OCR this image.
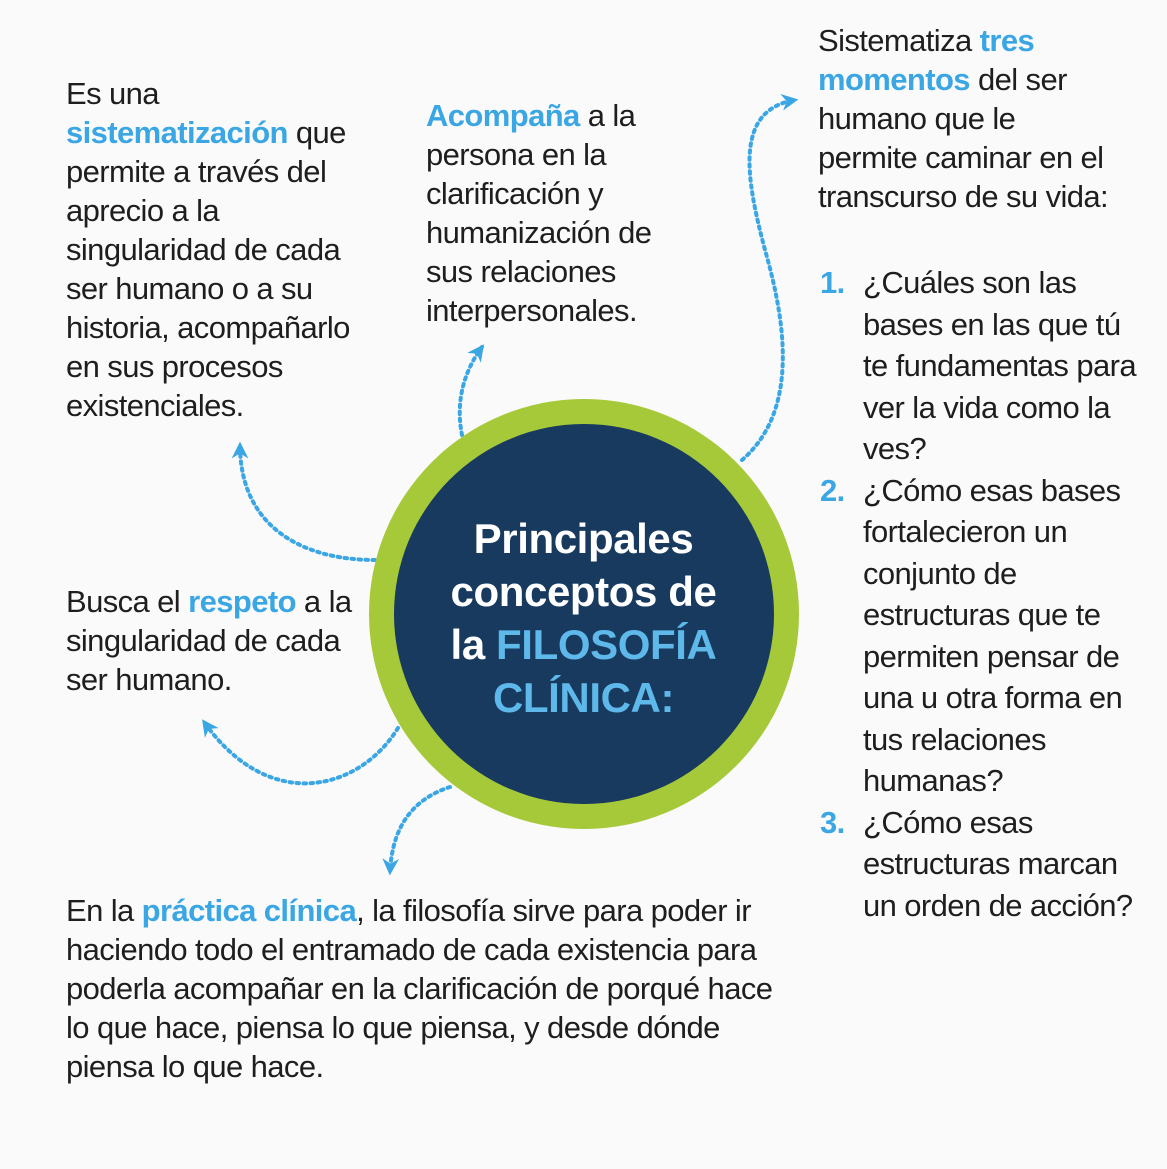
Principales
conceptos de
la FILOSOFÍA
CLÍNICA:

Es una sistematización que permite a través del aprecio a la singularidad de cada ser humano o a su historia, acompañarlo en sus procesos existenciales.

Acompaña a la persona en la clarificación y humanización de sus relaciones interpersonales.

Sistematiza tres momentos del ser humano que le permite caminar en el transcurso de su vida:

1. ¿Cuáles son las bases en las que tú te fundamentas para ver la vida como la ves?
2. ¿Cómo esas bases fortalecieron un conjunto de estructuras que te permiten pensar de una u otra forma en tus relaciones humanas?
3. ¿Cómo esas estructuras marcan un orden de acción?

Busca el respeto a la singularidad de cada ser humano.

En la práctica clínica, la filosofía sirve para poder ir haciendo todo el entramado de cada existencia para poderla acompañar en la clarificación de porqué hace lo que hace, piensa lo que piensa, y desde dónde piensa lo que hace.
